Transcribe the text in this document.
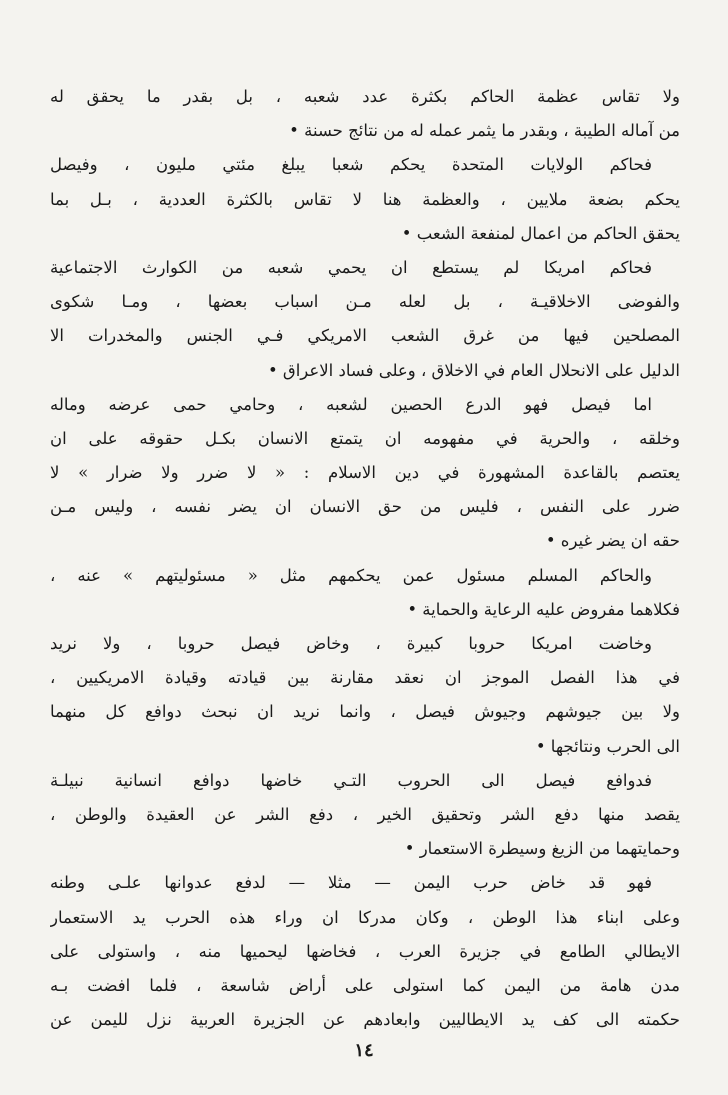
ولا تقاس عظمة الحاكم بكثرة عدد شعبه ، بل بقدر ما يحقق له
من آماله الطيبة ، وبقدر ما يثمر عمله له من نتائج حسنة •
فحاكم الولايات المتحدة يحكم شعبا يبلغ مئتي مليون ، وفيصل
يحكم بضعة ملايين ، والعظمة هنا لا تقاس بالكثرة العددية ، بـل بما
يحقق الحاكم من اعمال لمنفعة الشعب •
فحاكم امريكا لم يستطع ان يحمي شعبه من الكوارث الاجتماعية
والفوضى الاخلاقيـة ، بل لعله مـن اسباب بعضها ، ومـا شكوى
المصلحين فيها من غرق الشعب الامريكي فـي الجنس والمخدرات الا
الدليل على الانحلال العام في الاخلاق ، وعلى فساد الاعراق •
اما فيصل فهو الدرع الحصين لشعبه ، وحامي حمى عرضه وماله
وخلقه ، والحرية في مفهومه ان يتمتع الانسان بكـل حقوقه على ان
يعتصم بالقاعدة المشهورة في دين الاسلام : « لا ضرر ولا ضرار » لا
ضرر على النفس ، فليس من حق الانسان ان يضر نفسه ، وليس مـن
حقه ان يضر غيره •
والحاكم المسلم مسئول عمن يحكمهم مثل « مسئوليتهم » عنه ،
فكلاهما مفروض عليه الرعاية والحماية •
وخاضت امريكا حروبا كبيرة ، وخاض فيصل حروبا ، ولا نريد
في هذا الفصل الموجز ان نعقد مقارنة بين قيادته وقيادة الامريكيين ،
ولا بين جيوشهم وجيوش فيصل ، وانما نريد ان نبحث دوافع كل منهما
الى الحرب ونتائجها •
فدوافع فيصل الى الحروب التـي خاضها دوافع انسانية نبيلـة
يقصد منها دفع الشر وتحقيق الخير ، دفع الشر عن العقيدة والوطن ،
وحمايتهما من الزيغ وسيطرة الاستعمار •
فهو قد خاض حرب اليمن — مثلا — لدفع عدوانها علـى وطنه
وعلى ابناء هذا الوطن ، وكان مدركا ان وراء هذه الحرب يد الاستعمار
الايطالي الطامع في جزيرة العرب ، فخاضها ليحميها منه ، واستولى على
مدن هامة من اليمن كما استولى على أراض شاسعة ، فلما افضت بـه
حكمته الى كف يد الايطاليين وابعادهم عن الجزيرة العربية نزل لليمن عن
١٤
